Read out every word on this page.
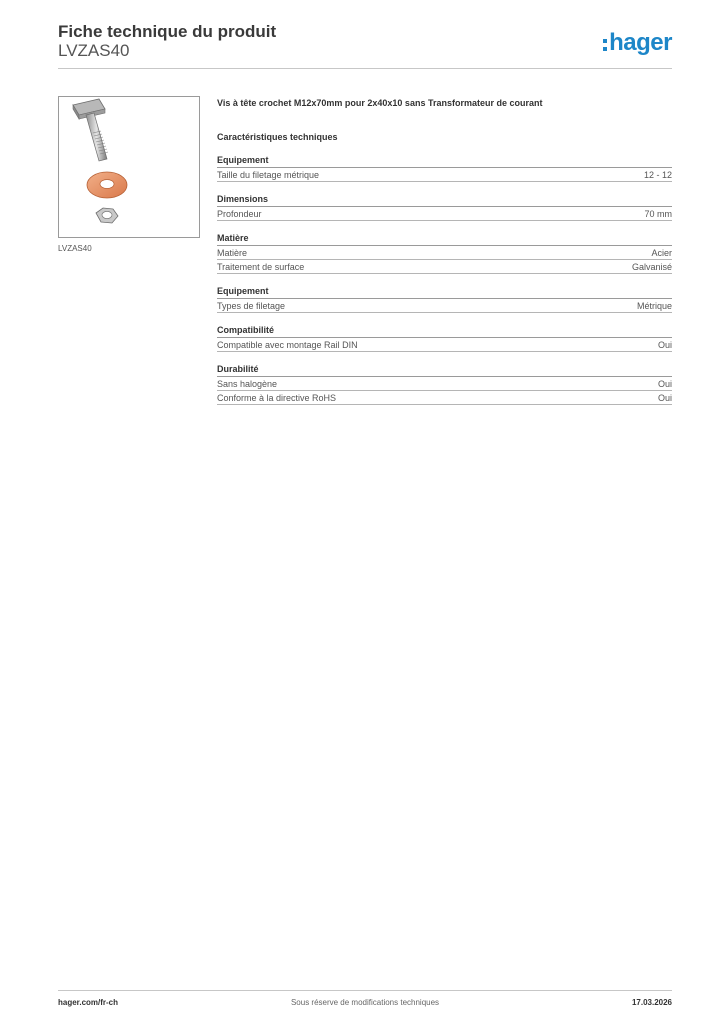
Fiche technique du produit
LVZAS40	hager
LVZAS40
Vis à tête crochet M12x70mm pour 2x40x10 sans Transformateur de courant
Caractéristiques techniques
Equipement
Taille du filetage métrique	12 - 12
Dimensions
Profondeur	70 mm
Matière
Matière	Acier
Traitement de surface	Galvanisé
Equipement
Types de filetage	Métrique
Compatibilité
Compatible avec montage Rail DIN	Oui
Durabilité
Sans halogène	Oui
Conforme à la directive RoHS	Oui
hager.com/fr-ch	Sous réserve de modifications techniques	17.03.2026
